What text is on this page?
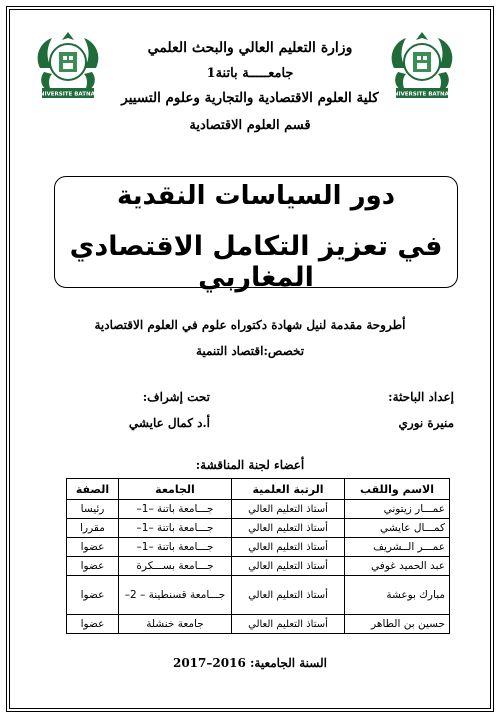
UNIVERSITE BATNA 1	UNIVERSITE BATNA 1
وزارة التعليم العالي والبحث العلمي
جامعـــــة باتنة1
كلية العلوم الاقتصادية والتجارية وعلوم التسيير
قسم العلوم الاقتصادية
دور السياسات النقدية
في تعزيز التكامل الاقتصادي المغاربي
أطروحة مقدمة لنيل شهادة دكتوراه علوم في العلوم الاقتصادية
تخصص:اقتصاد التنمية
إعداد الباحثة:
منيرة نوري
تحت إشراف:
أ.د كمال عايشي
أعضاء لجنة المناقشة:
الاسم واللقب	الرتبة العلمية	الجامعة	الصفة
عمـــار زيتوني	أستاذ التعليم العالي	جـــامعة باتنة –1–	رئيسا
كمـــال عايشي	أستاذ التعليم العالي	جـــامعة باتنة –1–	مقررا
عمـــر الــشريف	أستاذ التعليم العالي	جـــامعة باتنة –1–	عضوا
عبد الحميد غوفي	أستاذ التعليم العالي	جـــامعة بســـكرة	عضوا
مبارك بوعشة	أستاذ التعليم العالي	جـــامعة قسنطينة – 2–	عضوا
حسين بن الطاهر	أستاذ التعليم العالي	جامعة خنشلة	عضوا
السنة الجامعية: 2016–2017
